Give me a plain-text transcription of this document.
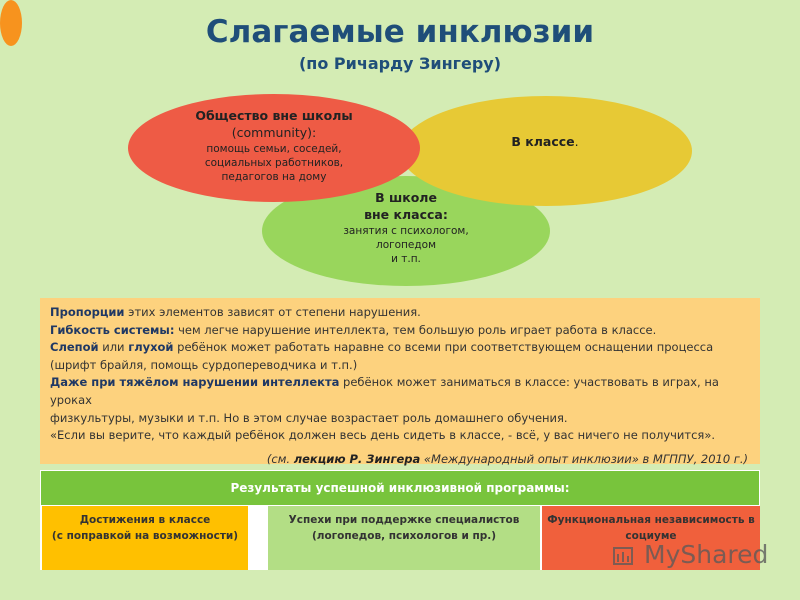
Слагаемые инклюзии
(по Ричарду Зингеру)
Общество вне школы
(community):
помощь семьи, соседей,
социальных работников,
педагогов на дому
В классе.
В школе
вне класса:
занятия с психологом,
логопедом
и т.п.
Пропорции этих элементов зависят от степени нарушения.
Гибкость системы: чем легче нарушение интеллекта, тем большую роль играет работа в классе.
Слепой или глухой ребёнок может работать наравне со всеми при соответствующем оснащении процесса
(шрифт брайля, помощь сурдопереводчика и т.п.)
Даже при тяжёлом нарушении интеллекта ребёнок может заниматься в классе: участвовать в играх, на уроках
физкультуры, музыки и т.п. Но в этом случае возрастает роль домашнего обучения.
«Если вы верите, что каждый ребёнок должен весь день сидеть в классе, - всё, у вас ничего не получится».
(см. лекцию Р. Зингера «Международный опыт инклюзии» в МГППУ, 2010 г.)
Результаты успешной инклюзивной программы:
Достижения в классе
(с поправкой на возможности)
Успехи при поддержке специалистов
(логопедов, психологов и пр.)
Функциональная независимость в
социуме
MyShared
